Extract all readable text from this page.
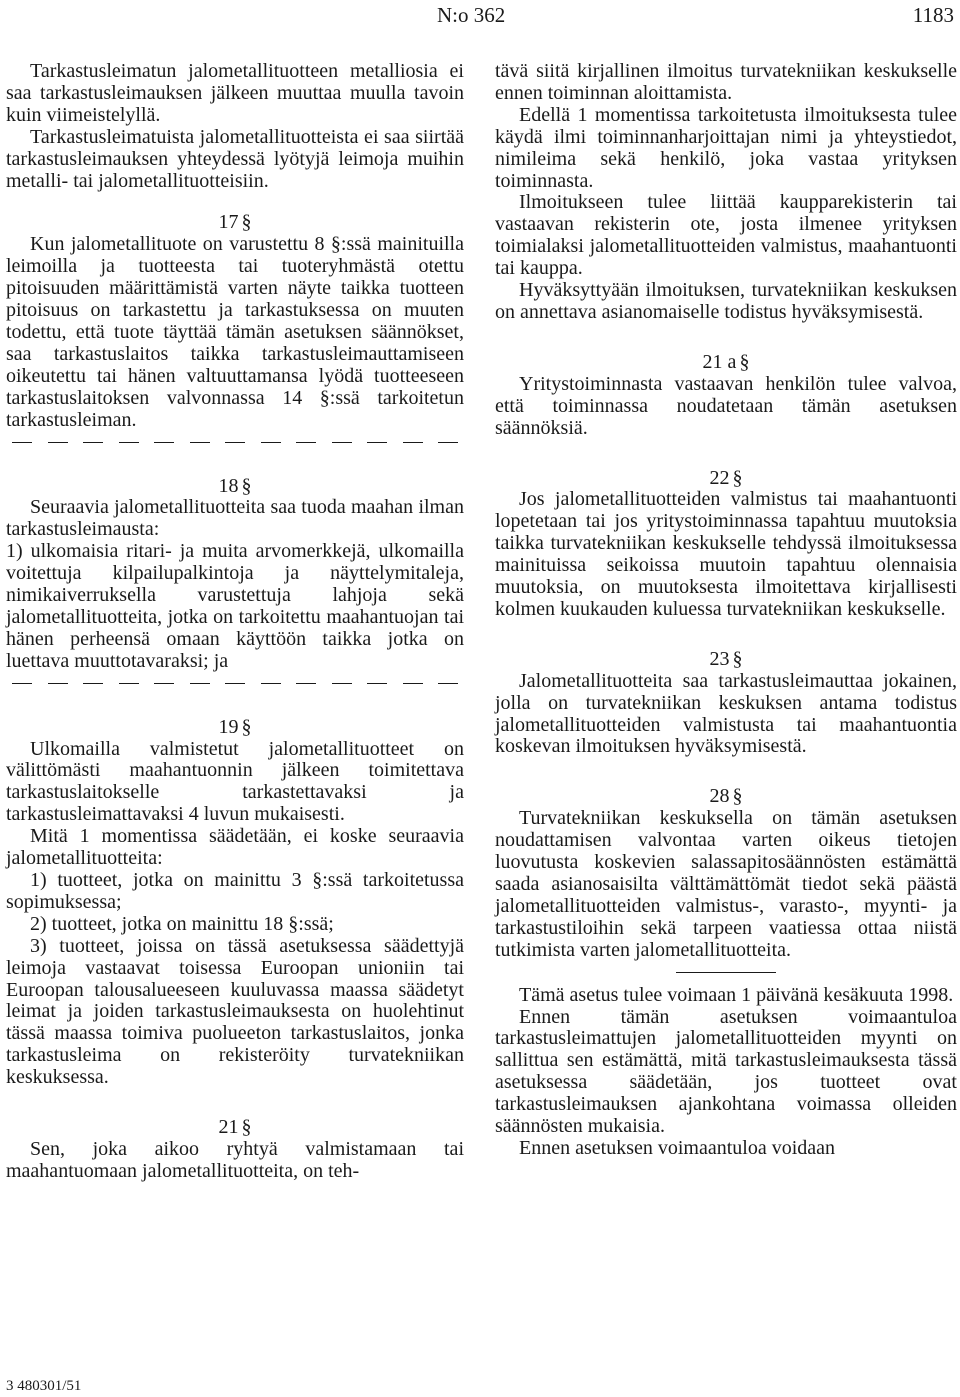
N:o 362	1183

Tarkastusleimatun jalometallituotteen metalliosia ei saa tarkastusleimauksen jälkeen muuttaa muulla tavoin kuin viimeistelyllä.

Tarkastusleimatuista jalometallituotteista ei saa siirtää tarkastusleimauksen yhteydessä lyötyjä leimoja muihin metalli- tai jalometallituotteisiin.

17 §

Kun jalometallituote on varustettu 8 §:ssä mainituilla leimoilla ja tuotteesta tai tuoteryhmästä otettu pitoisuuden määrittämistä varten näyte taikka tuotteen pitoisuus on tarkastettu ja tarkastuksessa on muuten todettu, että tuote täyttää tämän asetuksen säännökset, saa tarkastuslaitos taikka tarkastusleimauttamiseen oikeutettu tai hänen valtuuttamansa lyödä tuotteeseen tarkastuslaitoksen valvonnassa 14 §:ssä tarkoitetun tarkastusleiman.

18 §

Seuraavia jalometallituotteita saa tuoda maahan ilman tarkastusleimausta:

1) ulkomaisia ritari- ja muita arvomerkkejä, ulkomailla voitettuja kilpailupalkintoja ja näyttelymitaleja, nimikaiverruksella varustettuja lahjoja sekä jalometallituotteita, jotka on tarkoitettu maahantuojan tai hänen perheensä omaan käyttöön taikka jotka on luettava muuttotavaraksi; ja

19 §

Ulkomailla valmistetut jalometallituotteet on välittömästi maahantuonnin jälkeen toimitettava tarkastuslaitokselle tarkastettavaksi ja tarkastusleimattavaksi 4 luvun mukaisesti.

Mitä 1 momentissa säädetään, ei koske seuraavia jalometallituotteita:

1) tuotteet, jotka on mainittu 3 §:ssä tarkoitetussa sopimuksessa;

2) tuotteet, jotka on mainittu 18 §:ssä;

3) tuotteet, joissa on tässä asetuksessa säädettyjä leimoja vastaavat toisessa Euroopan unioniin tai Euroopan talousalueeseen kuuluvassa maassa säädetyt leimat ja joiden tarkastusleimauksesta on huolehtinut tässä maassa toimiva puolueeton tarkastuslaitos, jonka tarkastusleima on rekisteröity turvatekniikan keskuksessa.

21 §

Sen, joka aikoo ryhtyä valmistamaan tai maahantuomaan jalometallituotteita, on teh-

tävä siitä kirjallinen ilmoitus turvatekniikan keskukselle ennen toiminnan aloittamista.

Edellä 1 momentissa tarkoitetusta ilmoituksesta tulee käydä ilmi toiminnanharjoittajan nimi ja yhteystiedot, nimileima sekä henkilö, joka vastaa yrityksen toiminnasta.

Ilmoitukseen tulee liittää kaupparekisterin tai vastaavan rekisterin ote, josta ilmenee yrityksen toimialaksi jalometallituotteiden valmistus, maahantuonti tai kauppa.

Hyväksyttyään ilmoituksen, turvatekniikan keskuksen on annettava asianomaiselle todistus hyväksymisestä.

21 a §

Yritystoiminnasta vastaavan henkilön tulee valvoa, että toiminnassa noudatetaan tämän asetuksen säännöksiä.

22 §

Jos jalometallituotteiden valmistus tai maahantuonti lopetetaan tai jos yritystoiminnassa tapahtuu muutoksia taikka turvatekniikan keskukselle tehdyssä ilmoituksessa mainituissa seikoissa muutoin tapahtuu olennaisia muutoksia, on muutoksesta ilmoitettava kirjallisesti kolmen kuukauden kuluessa turvatekniikan keskukselle.

23 §

Jalometallituotteita saa tarkastusleimauttaa jokainen, jolla on turvatekniikan keskuksen antama todistus jalometallituotteiden valmistusta tai maahantuontia koskevan ilmoituksen hyväksymisestä.

28 §

Turvatekniikan keskuksella on tämän asetuksen noudattamisen valvontaa varten oikeus tietojen luovutusta koskevien salassapitosäännösten estämättä saada asianosaisilta välttämättömät tiedot sekä päästä jalometallituotteiden valmistus-, varasto-, myynti- ja tarkastustiloihin sekä tarpeen vaatiessa ottaa niistä tutkimista varten jalometallituotteita.

Tämä asetus tulee voimaan 1 päivänä kesäkuuta 1998.

Ennen tämän asetuksen voimaantuloa tarkastusleimattujen jalometallituotteiden myynti on sallittua sen estämättä, mitä tarkastusleimauksesta tässä asetuksessa säädetään, jos tuotteet ovat tarkastusleimauksen ajankohtana voimassa olleiden säännösten mukaisia.

Ennen asetuksen voimaantuloa voidaan

3 480301/51
